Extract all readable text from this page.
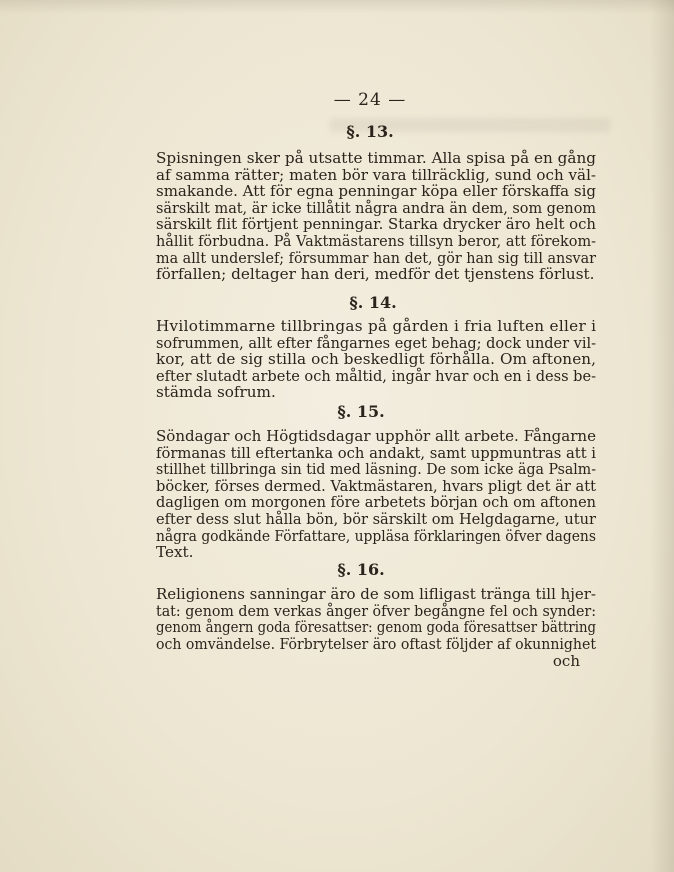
— 24 —
§. 13.
Spisningen sker på utsatte timmar. Alla spisa på en gång
af samma rätter; maten bör vara tillräcklig, sund och väl-
smakande. Att för egna penningar köpa eller förskaffa sig
särskilt mat, är icke tillåtit några andra än dem, som genom
särskilt flit förtjent penningar. Starka drycker äro helt och
hållit förbudna. På Vaktmästarens tillsyn beror, att förekom-
ma allt underslef; försummar han det, gör han sig till ansvar
förfallen; deltager han deri, medför det tjenstens förlust.
§. 14.
Hvilotimmarne tillbringas på gården i fria luften eller i
sofrummen, allt efter fångarnes eget behag; dock under vil-
kor, att de sig stilla och beskedligt förhålla. Om aftonen,
efter slutadt arbete och måltid, ingår hvar och en i dess be-
stämda sofrum.
§. 15.
Söndagar och Högtidsdagar upphör allt arbete. Fångarne
förmanas till eftertanka och andakt, samt uppmuntras att i
stillhet tillbringa sin tid med läsning. De som icke äga Psalm-
böcker, förses dermed. Vaktmästaren, hvars pligt det är att
dagligen om morgonen före arbetets början och om aftonen
efter dess slut hålla bön, bör särskilt om Helgdagarne, utur
några godkände Författare, uppläsa förklaringen öfver dagens
Text.
§. 16.
Religionens sanningar äro de som lifligast tränga till hjer-
tat: genom dem verkas ånger öfver begångne fel och synder:
genom ångern goda föresattser: genom goda föresattser bättring
och omvändelse. Förbrytelser äro oftast följder af okunnighet
och
